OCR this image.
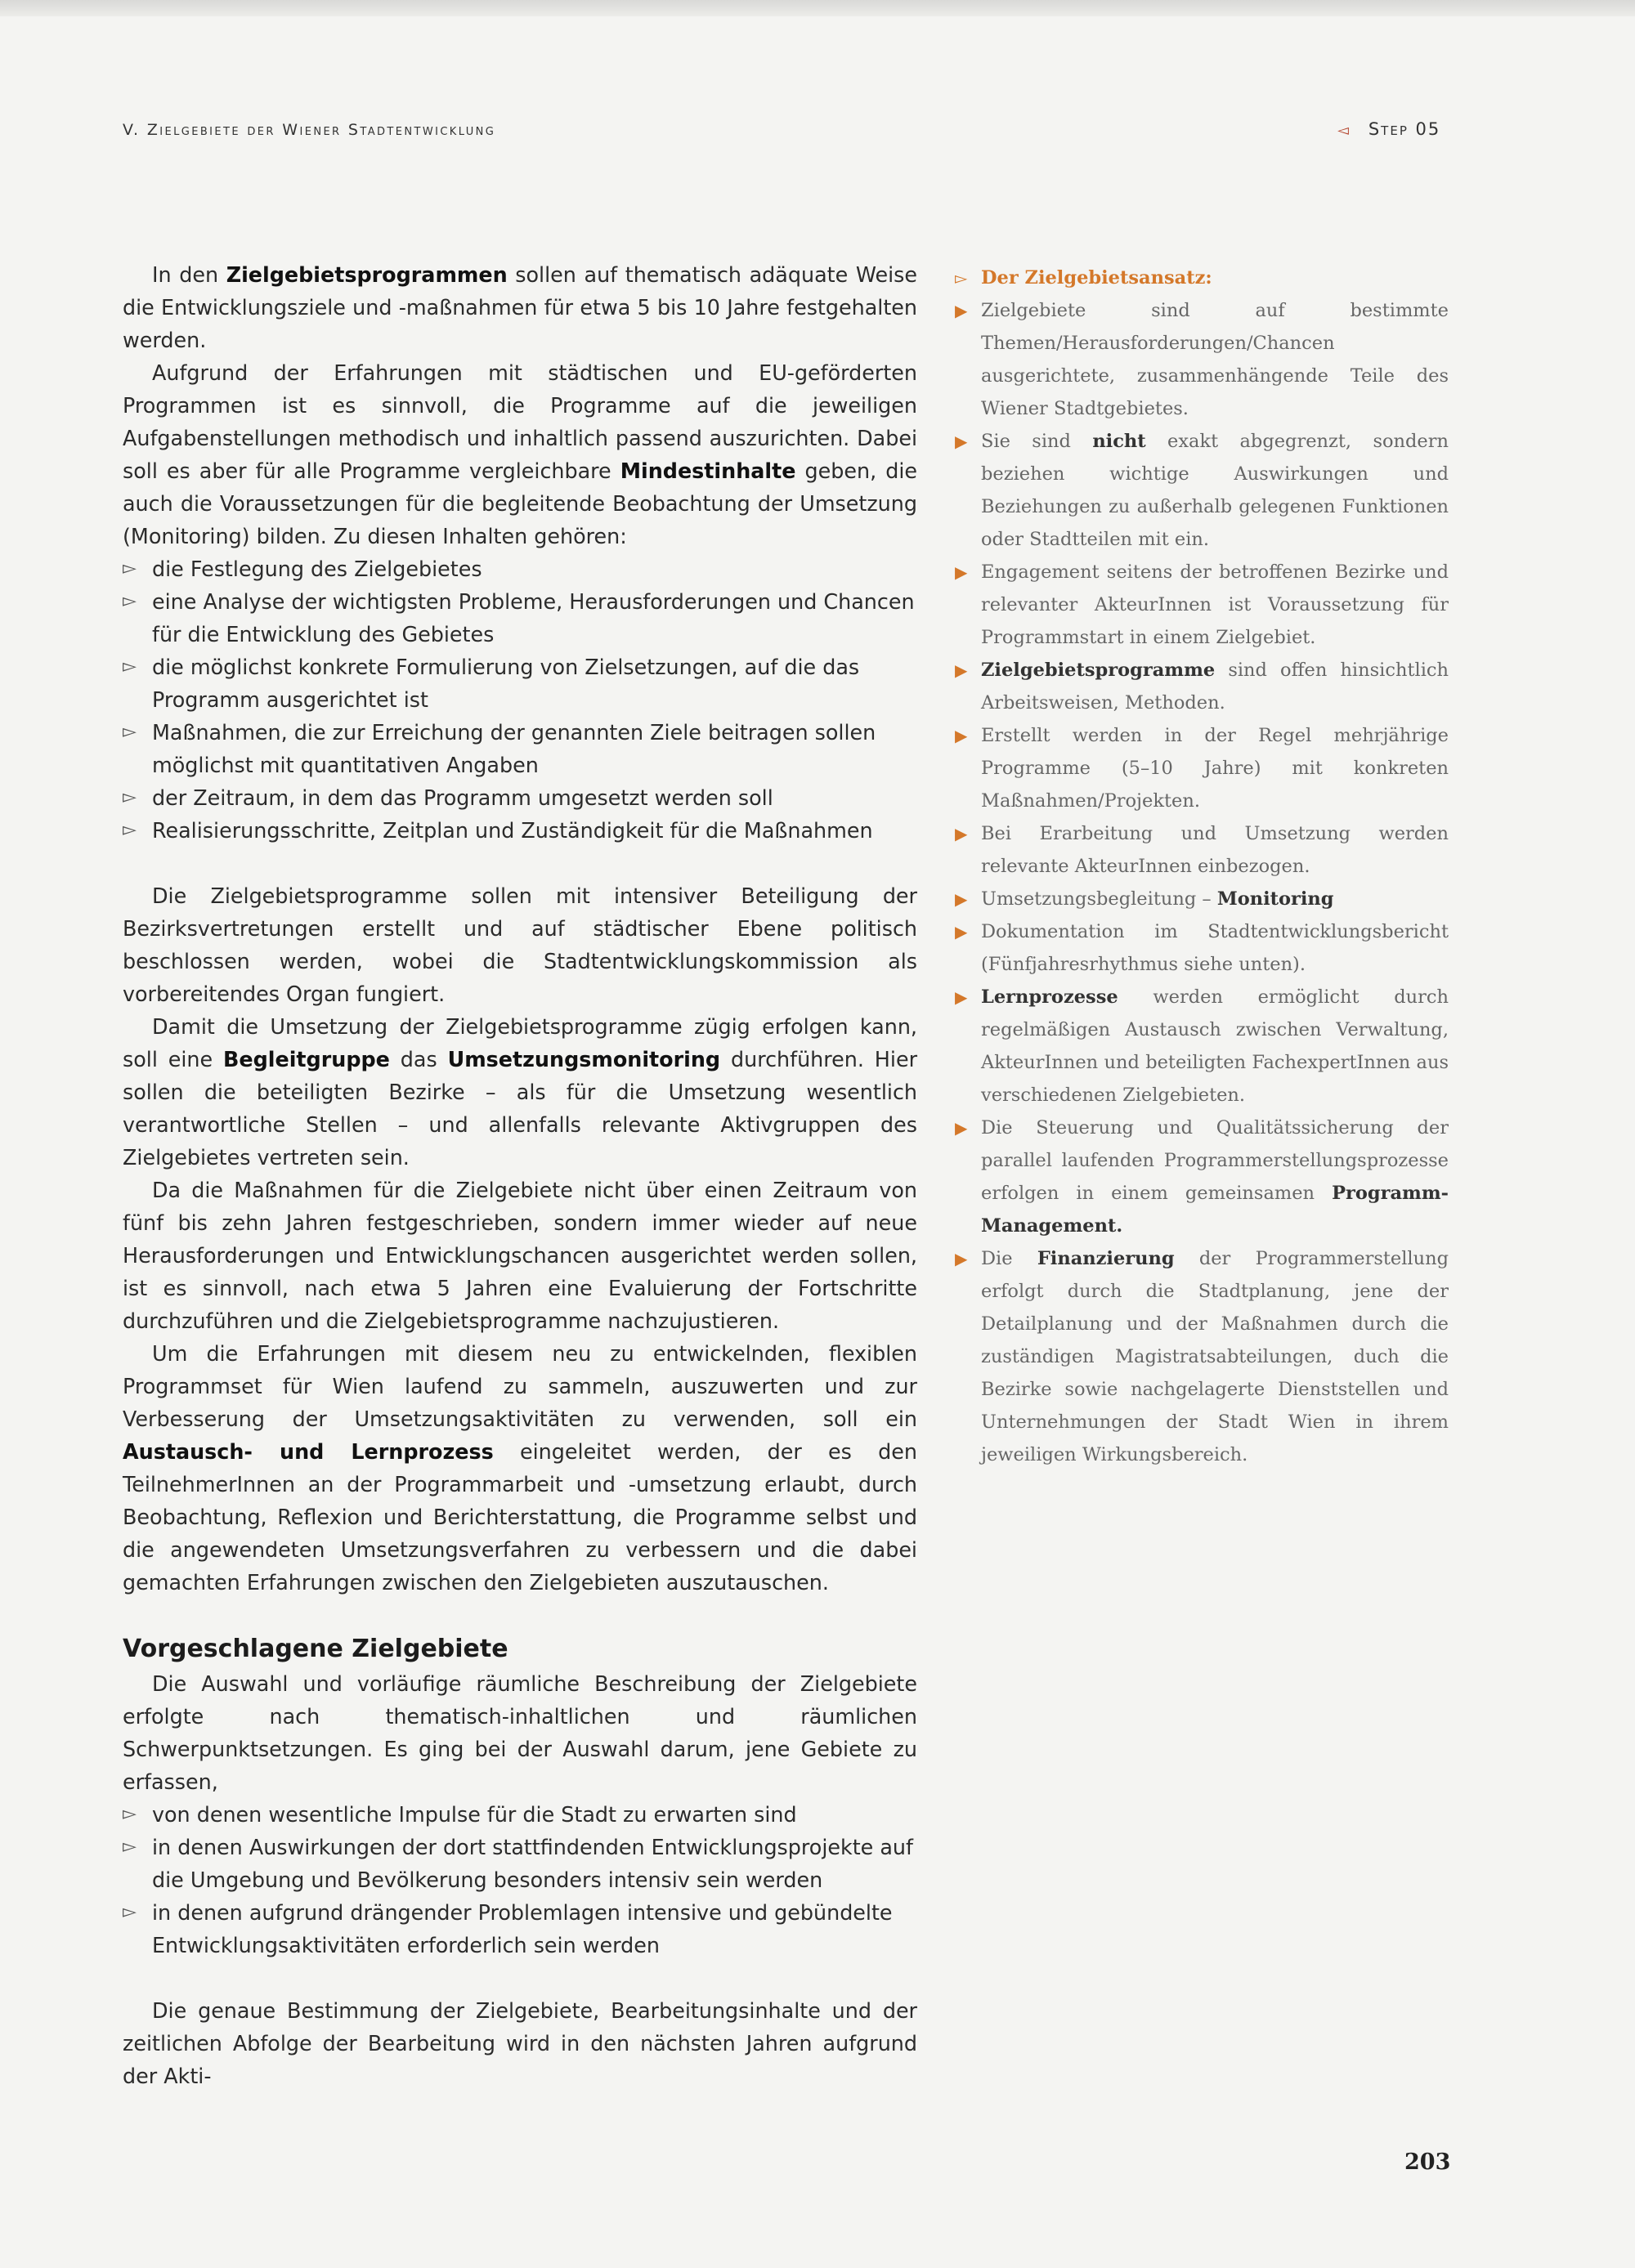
V. Zielgebiete der Wiener Stadtentwicklung	◅ Step 05

In den Zielgebietsprogrammen sollen auf thematisch adäquate Weise die Entwicklungsziele und -maßnahmen für etwa 5 bis 10 Jahre festgehalten werden.

Aufgrund der Erfahrungen mit städtischen und EU-geförderten Programmen ist es sinnvoll, die Programme auf die jeweiligen Aufgabenstellungen methodisch und inhaltlich passend auszurichten. Dabei soll es aber für alle Programme vergleichbare Mindestinhalte geben, die auch die Voraussetzungen für die begleitende Beobachtung der Umsetzung (Monitoring) bilden. Zu diesen Inhalten gehören:

▻ die Festlegung des Zielgebietes
▻ eine Analyse der wichtigsten Probleme, Herausforderungen und Chancen für die Entwicklung des Gebietes
▻ die möglichst konkrete Formulierung von Zielsetzungen, auf die das Programm ausgerichtet ist
▻ Maßnahmen, die zur Erreichung der genannten Ziele beitragen sollen möglichst mit quantitativen Angaben
▻ der Zeitraum, in dem das Programm umgesetzt werden soll
▻ Realisierungsschritte, Zeitplan und Zuständigkeit für die Maßnahmen

Die Zielgebietsprogramme sollen mit intensiver Beteiligung der Bezirksvertretungen erstellt und auf städtischer Ebene politisch beschlossen werden, wobei die Stadtentwicklungskommission als vorbereitendes Organ fungiert.

Damit die Umsetzung der Zielgebietsprogramme zügig erfolgen kann, soll eine Begleitgruppe das Umsetzungsmonitoring durchführen. Hier sollen die beteiligten Bezirke – als für die Umsetzung wesentlich verantwortliche Stellen – und allenfalls relevante Aktivgruppen des Zielgebietes vertreten sein.

Da die Maßnahmen für die Zielgebiete nicht über einen Zeitraum von fünf bis zehn Jahren festgeschrieben, sondern immer wieder auf neue Herausforderungen und Entwicklungschancen ausgerichtet werden sollen, ist es sinnvoll, nach etwa 5 Jahren eine Evaluierung der Fortschritte durchzuführen und die Zielgebietsprogramme nachzujustieren.

Um die Erfahrungen mit diesem neu zu entwickelnden, flexiblen Programmset für Wien laufend zu sammeln, auszuwerten und zur Verbesserung der Umsetzungsaktivitäten zu verwenden, soll ein Austausch- und Lernprozess eingeleitet werden, der es den TeilnehmerInnen an der Programmarbeit und -umsetzung erlaubt, durch Beobachtung, Reflexion und Berichterstattung, die Programme selbst und die angewendeten Umsetzungsverfahren zu verbessern und die dabei gemachten Erfahrungen zwischen den Zielgebieten auszutauschen.

Vorgeschlagene Zielgebiete

Die Auswahl und vorläufige räumliche Beschreibung der Zielgebiete erfolgte nach thematisch-inhaltlichen und räumlichen Schwerpunktsetzungen. Es ging bei der Auswahl darum, jene Gebiete zu erfassen,

▻ von denen wesentliche Impulse für die Stadt zu erwarten sind
▻ in denen Auswirkungen der dort stattfindenden Entwicklungsprojekte auf die Umgebung und Bevölkerung besonders intensiv sein werden
▻ in denen aufgrund drängender Problemlagen intensive und gebündelte Entwicklungsaktivitäten erforderlich sein werden

Die genaue Bestimmung der Zielgebiete, Bearbeitungsinhalte und der zeitlichen Abfolge der Bearbeitung wird in den nächsten Jahren aufgrund der Akti-

▻ Der Zielgebietsansatz:
▶ Zielgebiete sind auf bestimmte Themen/Herausforderungen/Chancen ausgerichtete, zusammenhängende Teile des Wiener Stadtgebietes.
▶ Sie sind nicht exakt abgegrenzt, sondern beziehen wichtige Auswirkungen und Beziehungen zu außerhalb gelegenen Funktionen oder Stadtteilen mit ein.
▶ Engagement seitens der betroffenen Bezirke und relevanter AkteurInnen ist Voraussetzung für Programmstart in einem Zielgebiet.
▶ Zielgebietsprogramme sind offen hinsichtlich Arbeitsweisen, Methoden.
▶ Erstellt werden in der Regel mehrjährige Programme (5–10 Jahre) mit konkreten Maßnahmen/Projekten.
▶ Bei Erarbeitung und Umsetzung werden relevante AkteurInnen einbezogen.
▶ Umsetzungsbegleitung – Monitoring
▶ Dokumentation im Stadtentwicklungsbericht (Fünfjahresrhythmus siehe unten).
▶ Lernprozesse werden ermöglicht durch regelmäßigen Austausch zwischen Verwaltung, AkteurInnen und beteiligten FachexpertInnen aus verschiedenen Zielgebieten.
▶ Die Steuerung und Qualitätssicherung der parallel laufenden Programmerstellungsprozesse erfolgen in einem gemeinsamen Programm-Management.
▶ Die Finanzierung der Programmerstellung erfolgt durch die Stadtplanung, jene der Detailplanung und der Maßnahmen durch die zuständigen Magistratsabteilungen, duch die Bezirke sowie nachgelagerte Dienststellen und Unternehmungen der Stadt Wien in ihrem jeweiligen Wirkungsbereich.
203
